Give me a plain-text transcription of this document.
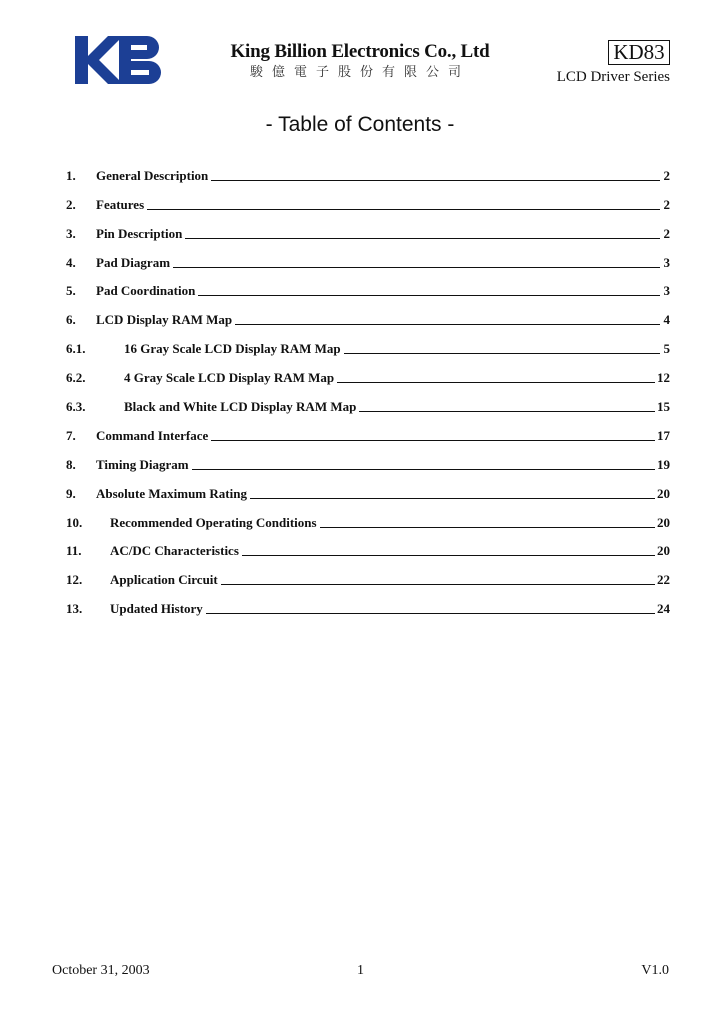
King Billion Electronics Co., Ltd
駿億電子股份有限公司
KD83
LCD Driver Series
- Table of Contents -
1.	General Description	2
2.	Features	2
3.	Pin Description	2
4.	Pad Diagram	3
5.	Pad Coordination	3
6.	LCD Display RAM Map	4
6.1.	16 Gray Scale LCD Display RAM Map	5
6.2.	4 Gray Scale LCD Display RAM Map	12
6.3.	Black and White LCD Display RAM Map	15
7.	Command Interface	17
8.	Timing Diagram	19
9.	Absolute Maximum Rating	20
10.	Recommended Operating Conditions	20
11.	AC/DC Characteristics	20
12.	Application Circuit	22
13.	Updated History	24
October 31, 2003	1	V1.0
